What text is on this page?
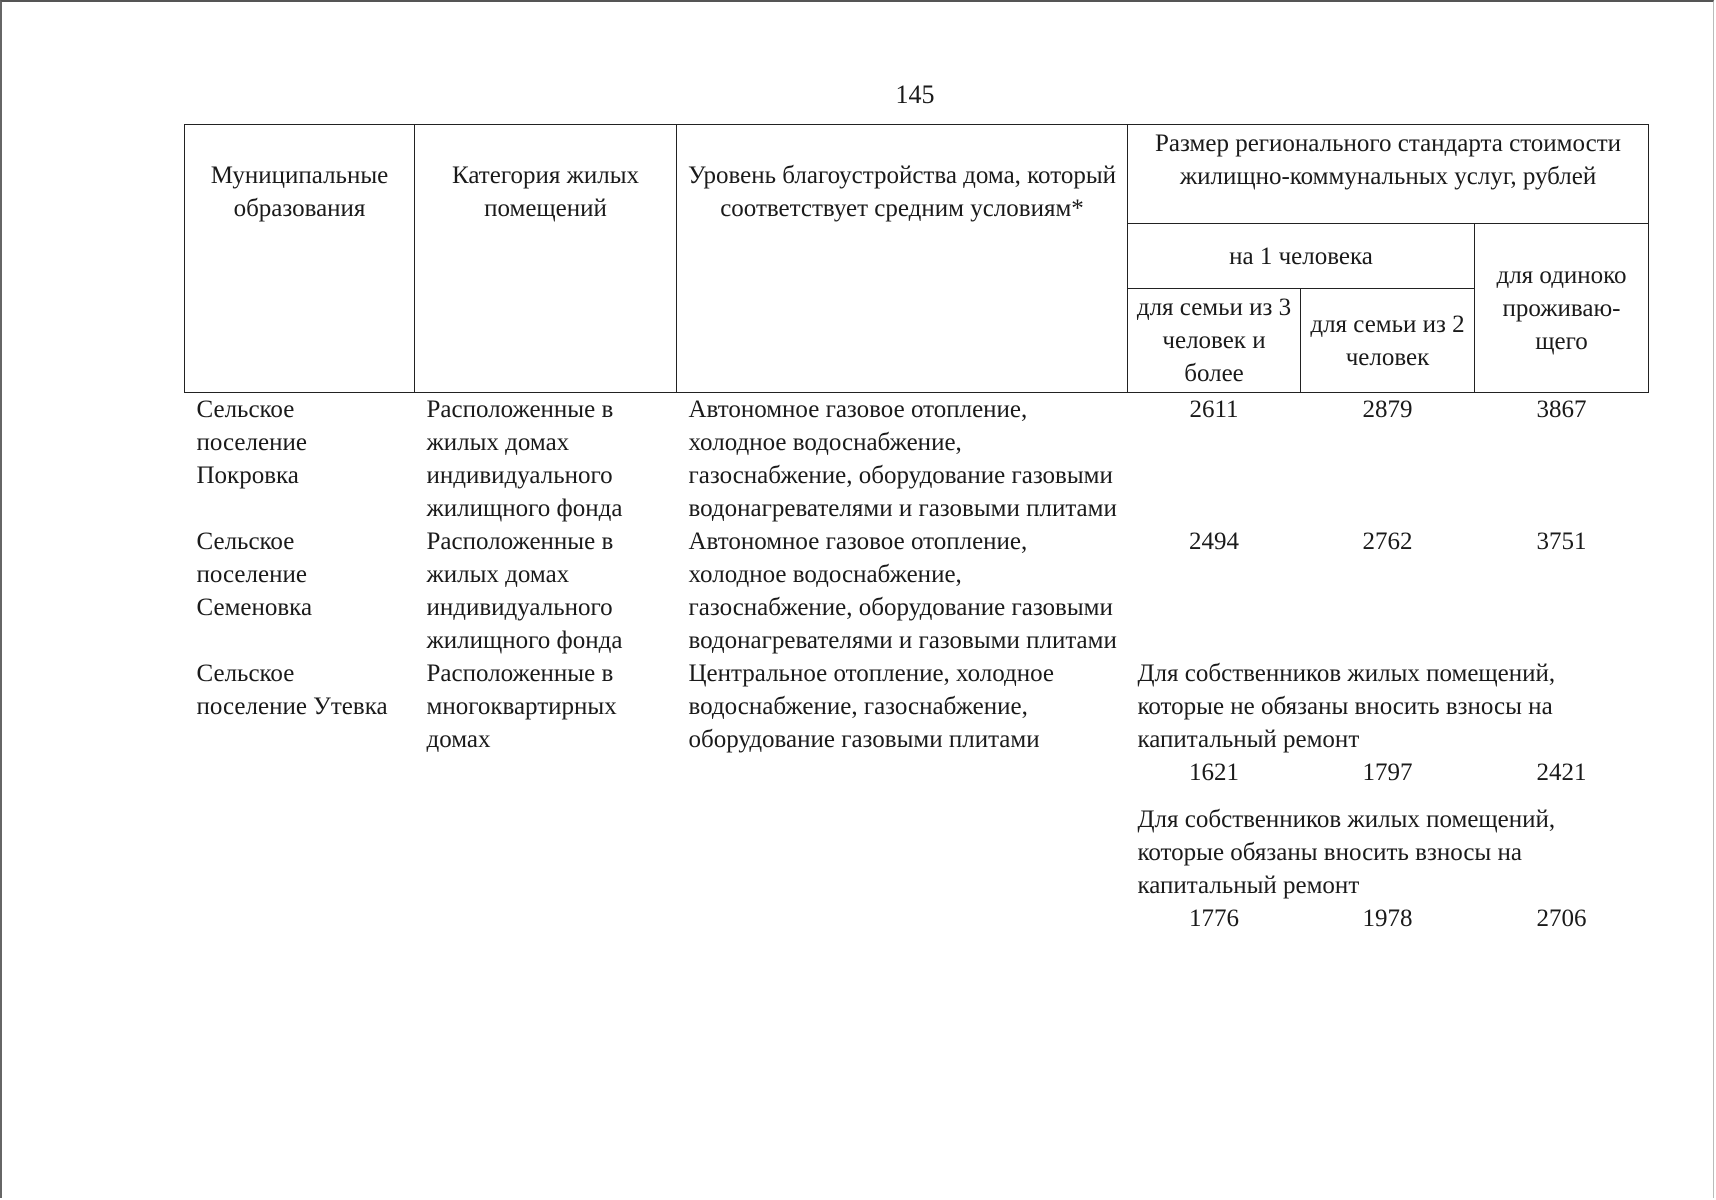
145
Муниципальные образования	Категория жилых помещений	Уровень благоустройства дома, который соответствует средним условиям*	Размер регионального стандарта стоимости жилищно-коммунальных услуг, рублей		
			на 1 человека		для одиноко проживаю-щего
			для семьи из 3 человек и более	для семьи из 2 человек	
Сельское поселение Покровка	Расположенные в жилых домах индивидуального жилищного фонда	Автономное газовое отопление, холодное водоснабжение, газоснабжение, оборудование газовыми водонагревателями и газовыми плитами	2611	2879	3867
Сельское поселение Семеновка	Расположенные в жилых домах индивидуального жилищного фонда	Автономное газовое отопление, холодное водоснабжение, газоснабжение, оборудование газовыми водонагревателями и газовыми плитами	2494	2762	3751
Сельское поселение Утевка	Расположенные в многоквартирных домах	Центральное отопление, холодное водоснабжение, газоснабжение, оборудование газовыми плитами	Для собственников жилых помещений, которые не обязаны вносить взносы на капитальный ремонт		
			1621	1797	2421

			Для собственников жилых помещений, которые обязаны вносить взносы на капитальный ремонт		
			1776	1978	2706
